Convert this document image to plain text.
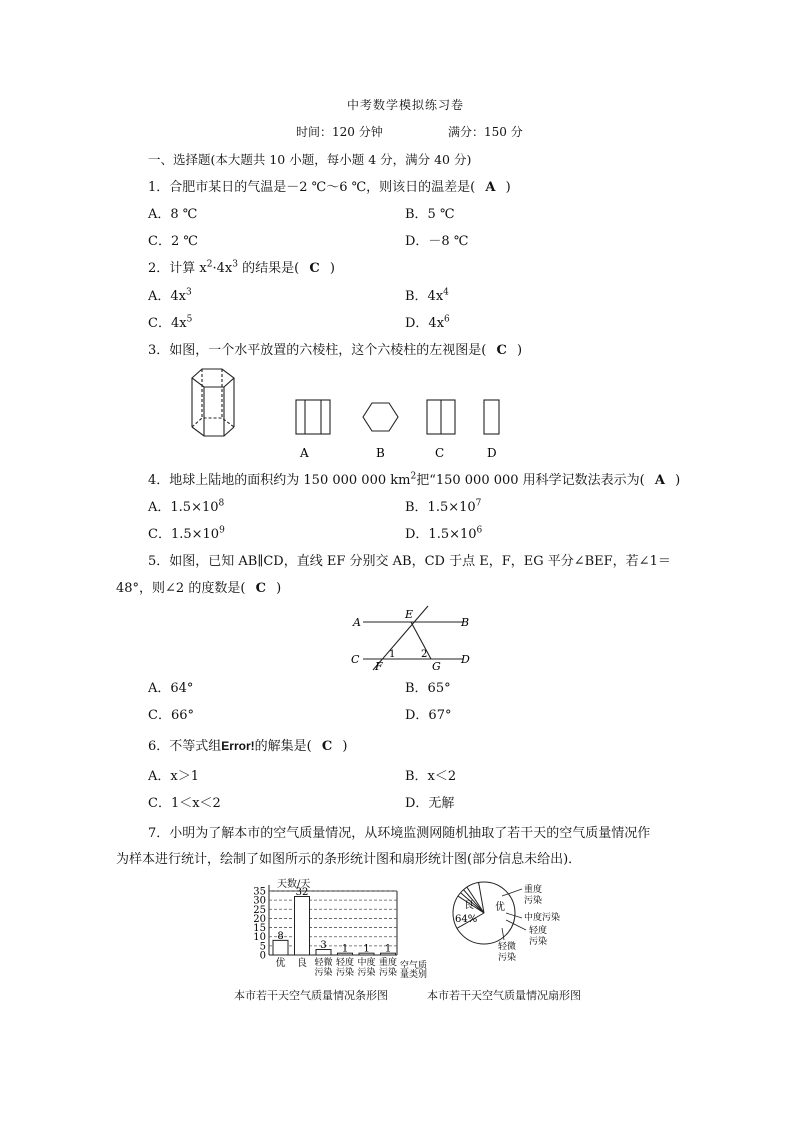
中考数学模拟练习卷
时间：120 分钟	满分：150 分
一、选择题(本大题共 10 小题，每小题 4 分，满分 40 分)
1．合肥市某日的气温是－2 ℃～6 ℃，则该日的温差是( A )
A．8 ℃	B．5 ℃
C．2 ℃	D．－8 ℃
2．计算 $x^2\cdot 4x^3$ 的结果是( C )
A．$4x^3$	B．$4x^4$
C．$4x^5$	D．$4x^6$
3．如图，一个水平放置的六棱柱，这个六棱柱的左视图是( C )
A	B	C	D
4．地球上陆地的面积约为 150 000 000 $km^2$把“150 000 000 用科学记数法表示为( A )
A．$1.5\times 10^8$	B．$1.5\times 10^7$
C．$1.5\times 10^9$	D．$1.5\times 10^6$
5．如图，已知 AB∥CD，直线 EF 分别交 AB，CD 于点 E，F，EG 平分∠BEF，若∠1＝
48°，则∠2 的度数是( C )
A	B
C	D
E
F	G
1	2
A．64°	B．65°
C．66°	D．67°
6．不等式组Error!的解集是( C )
A．x＞1	B．x＜2
C．1＜x＜2	D．无解
7．小明为了解本市的空气质量情况，从环境监测网随机抽取了若干天的空气质量情况作
为样本进行统计，绘制了如图所示的条形统计图和扇形统计图(部分信息未给出)．
0
5
10
15
20
25
30
35
8
32
3 1 1 1
优 良 轻微
污染
轻度
污染
中度
污染
重度
污染
天数/天
空气质
量类别
本市若干天空气质量情况条形图
良
64%
优
重度
污染
中度污染
轻度
污染
轻微
污染
本市若干天空气质量情况扇形图
